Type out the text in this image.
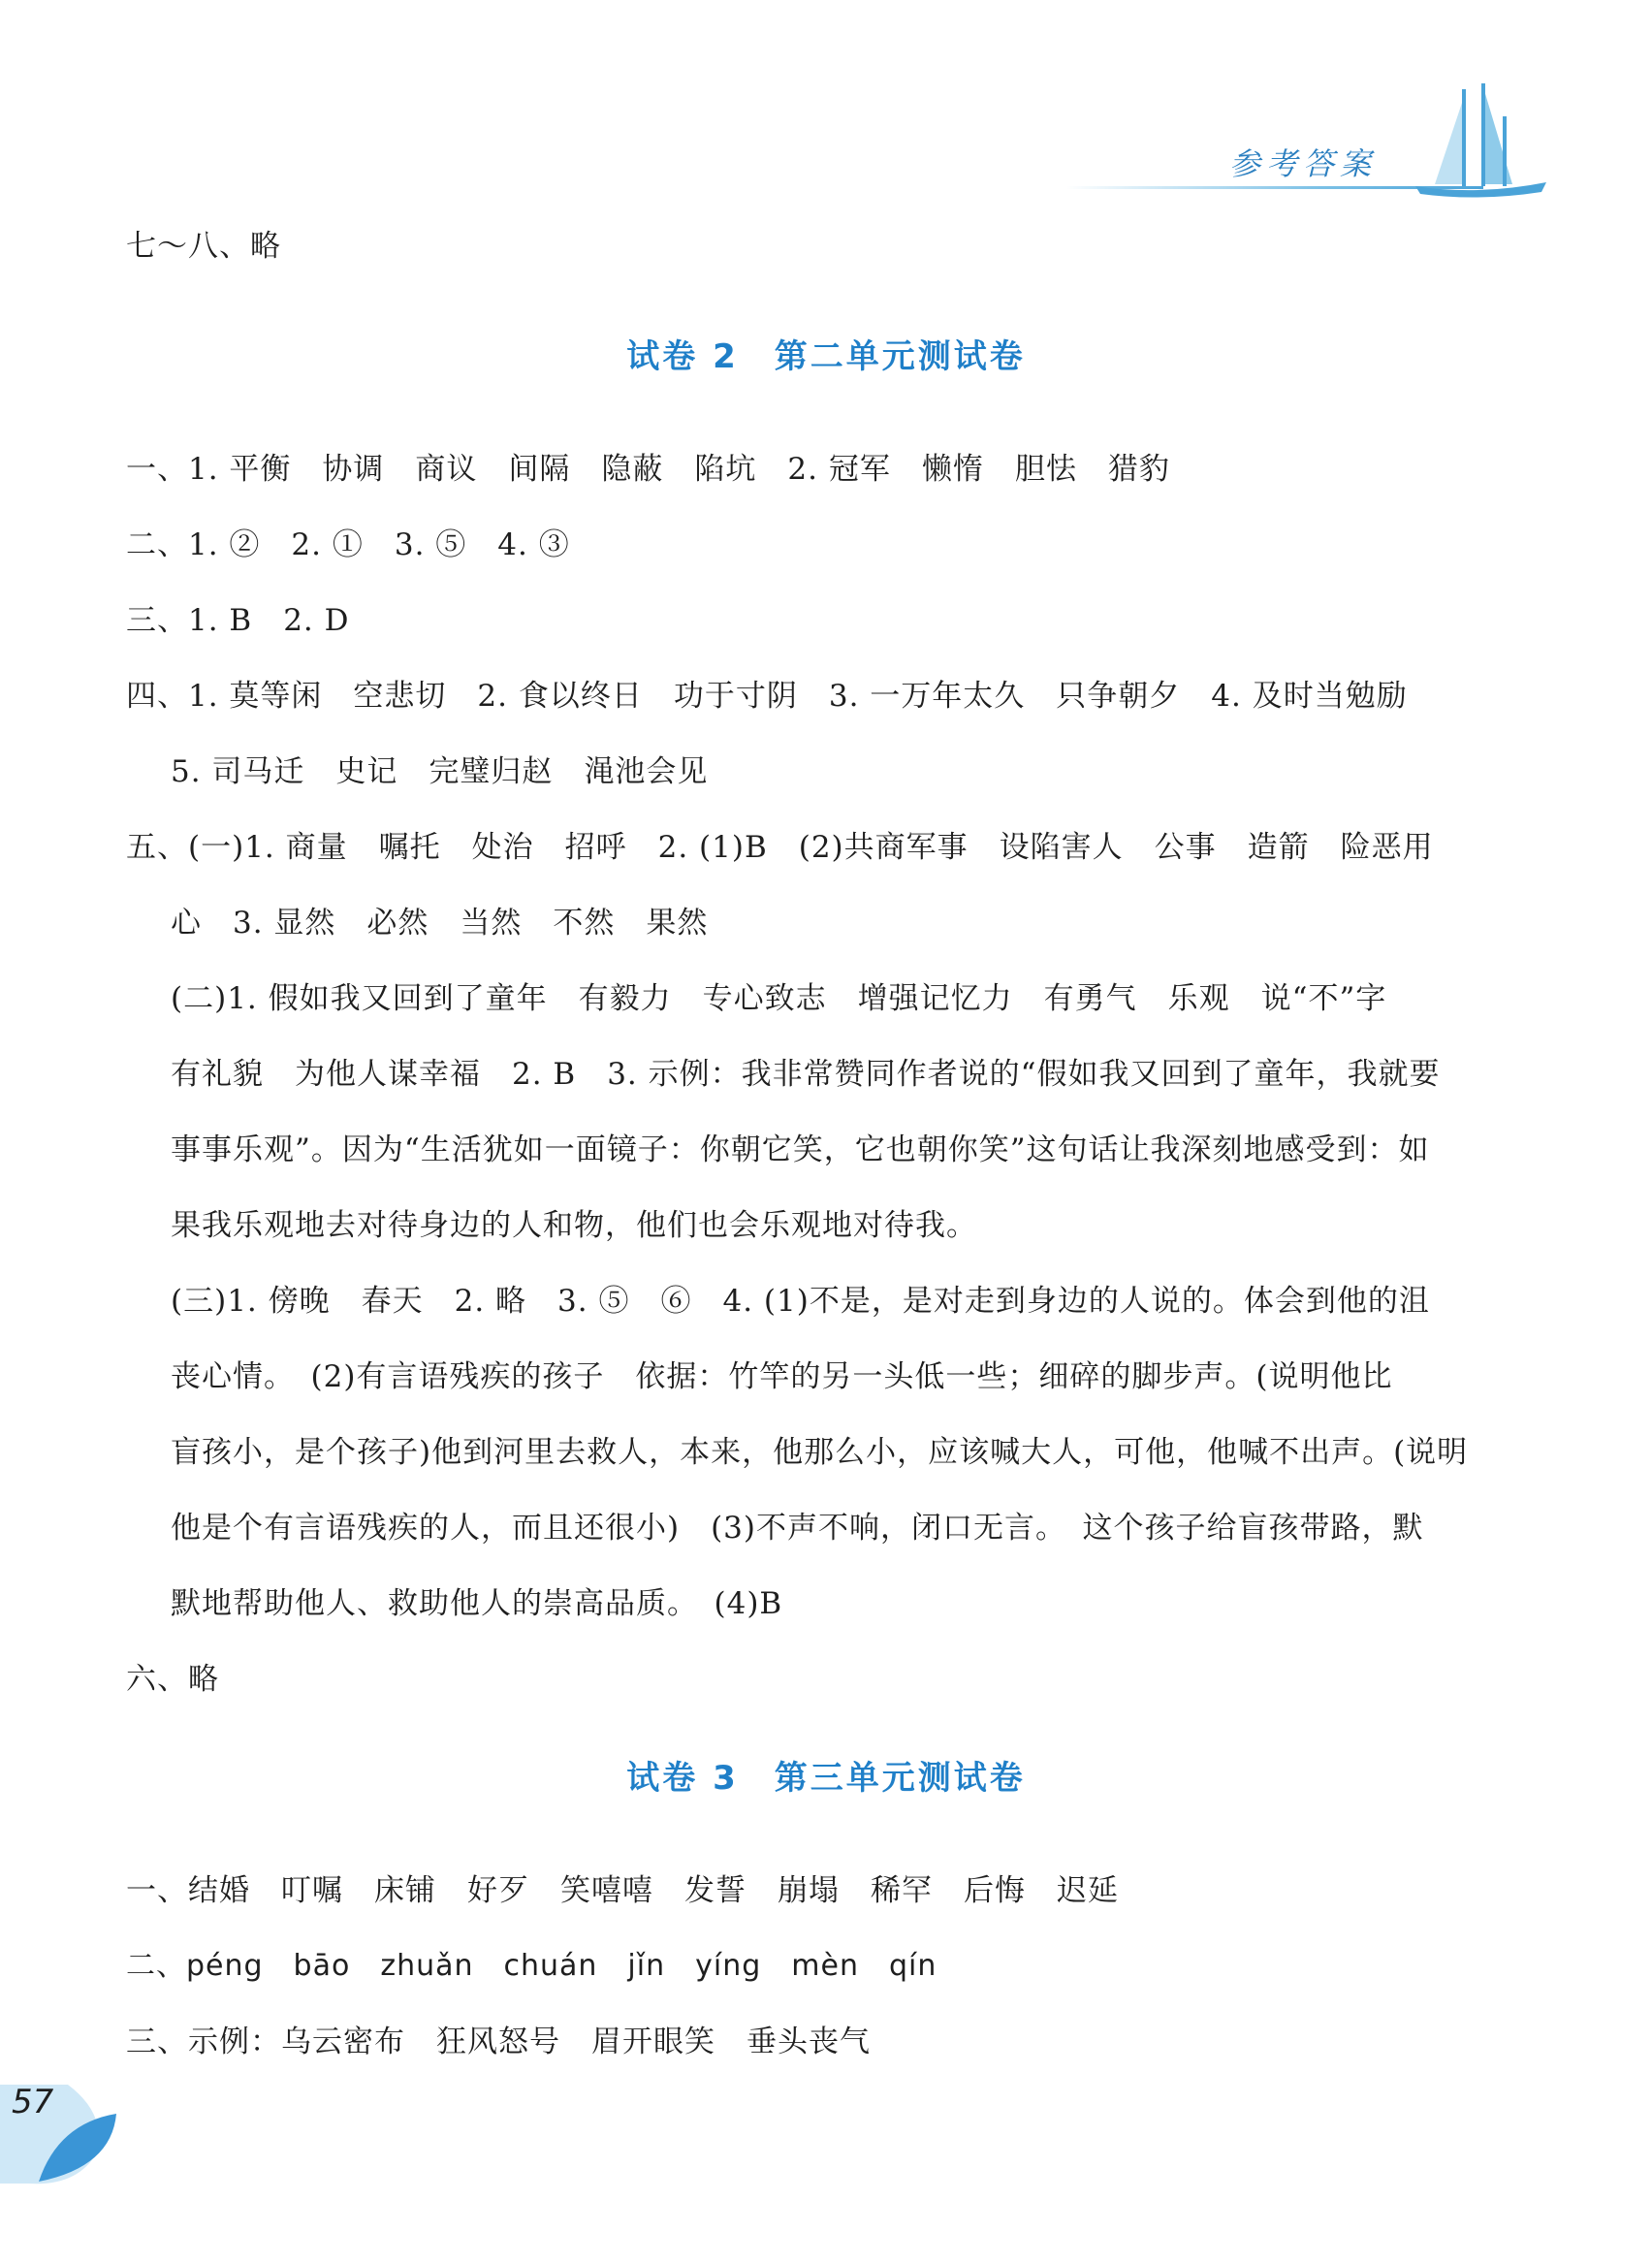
参考答案
七～八、略
试卷 2　第二单元测试卷
一、1. 平衡　协调　商议　间隔　隐蔽　陷坑　2. 冠军　懒惰　胆怯　猎豹
二、1. ②　2. ①　3. ⑤　4. ③
三、1. B　2. D
四、1. 莫等闲　空悲切　2. 食以终日　功于寸阴　3. 一万年太久　只争朝夕　4. 及时当勉励
5. 司马迁　史记　完璧归赵　渑池会见
五、(一)1. 商量　嘱托　处治　招呼　2. (1)B　(2)共商军事　设陷害人　公事　造箭　险恶用
心　3. 显然　必然　当然　不然　果然
(二)1. 假如我又回到了童年　有毅力　专心致志　增强记忆力　有勇气　乐观　说“不”字
有礼貌　为他人谋幸福　2. B　3. 示例：我非常赞同作者说的“假如我又回到了童年，我就要
事事乐观”。因为“生活犹如一面镜子：你朝它笑，它也朝你笑”这句话让我深刻地感受到：如
果我乐观地去对待身边的人和物，他们也会乐观地对待我。
(三)1. 傍晚　春天　2. 略　3. ⑤　⑥　4. (1)不是，是对走到身边的人说的。体会到他的沮
丧心情。　(2)有言语残疾的孩子　依据：竹竿的另一头低一些；细碎的脚步声。(说明他比
盲孩小，是个孩子)他到河里去救人，本来，他那么小，应该喊大人，可他，他喊不出声。(说明
他是个有言语残疾的人，而且还很小)　(3)不声不响，闭口无言。　这个孩子给盲孩带路，默
默地帮助他人、救助他人的崇高品质。　(4)B
六、略
试卷 3　第三单元测试卷
一、结婚　叮嘱　床铺　好歹　笑嘻嘻　发誓　崩塌　稀罕　后悔　迟延
二、péng　bāo　zhuǎn　chuán　jǐn　yíng　mèn　qín
三、示例：乌云密布　狂风怒号　眉开眼笑　垂头丧气
57
